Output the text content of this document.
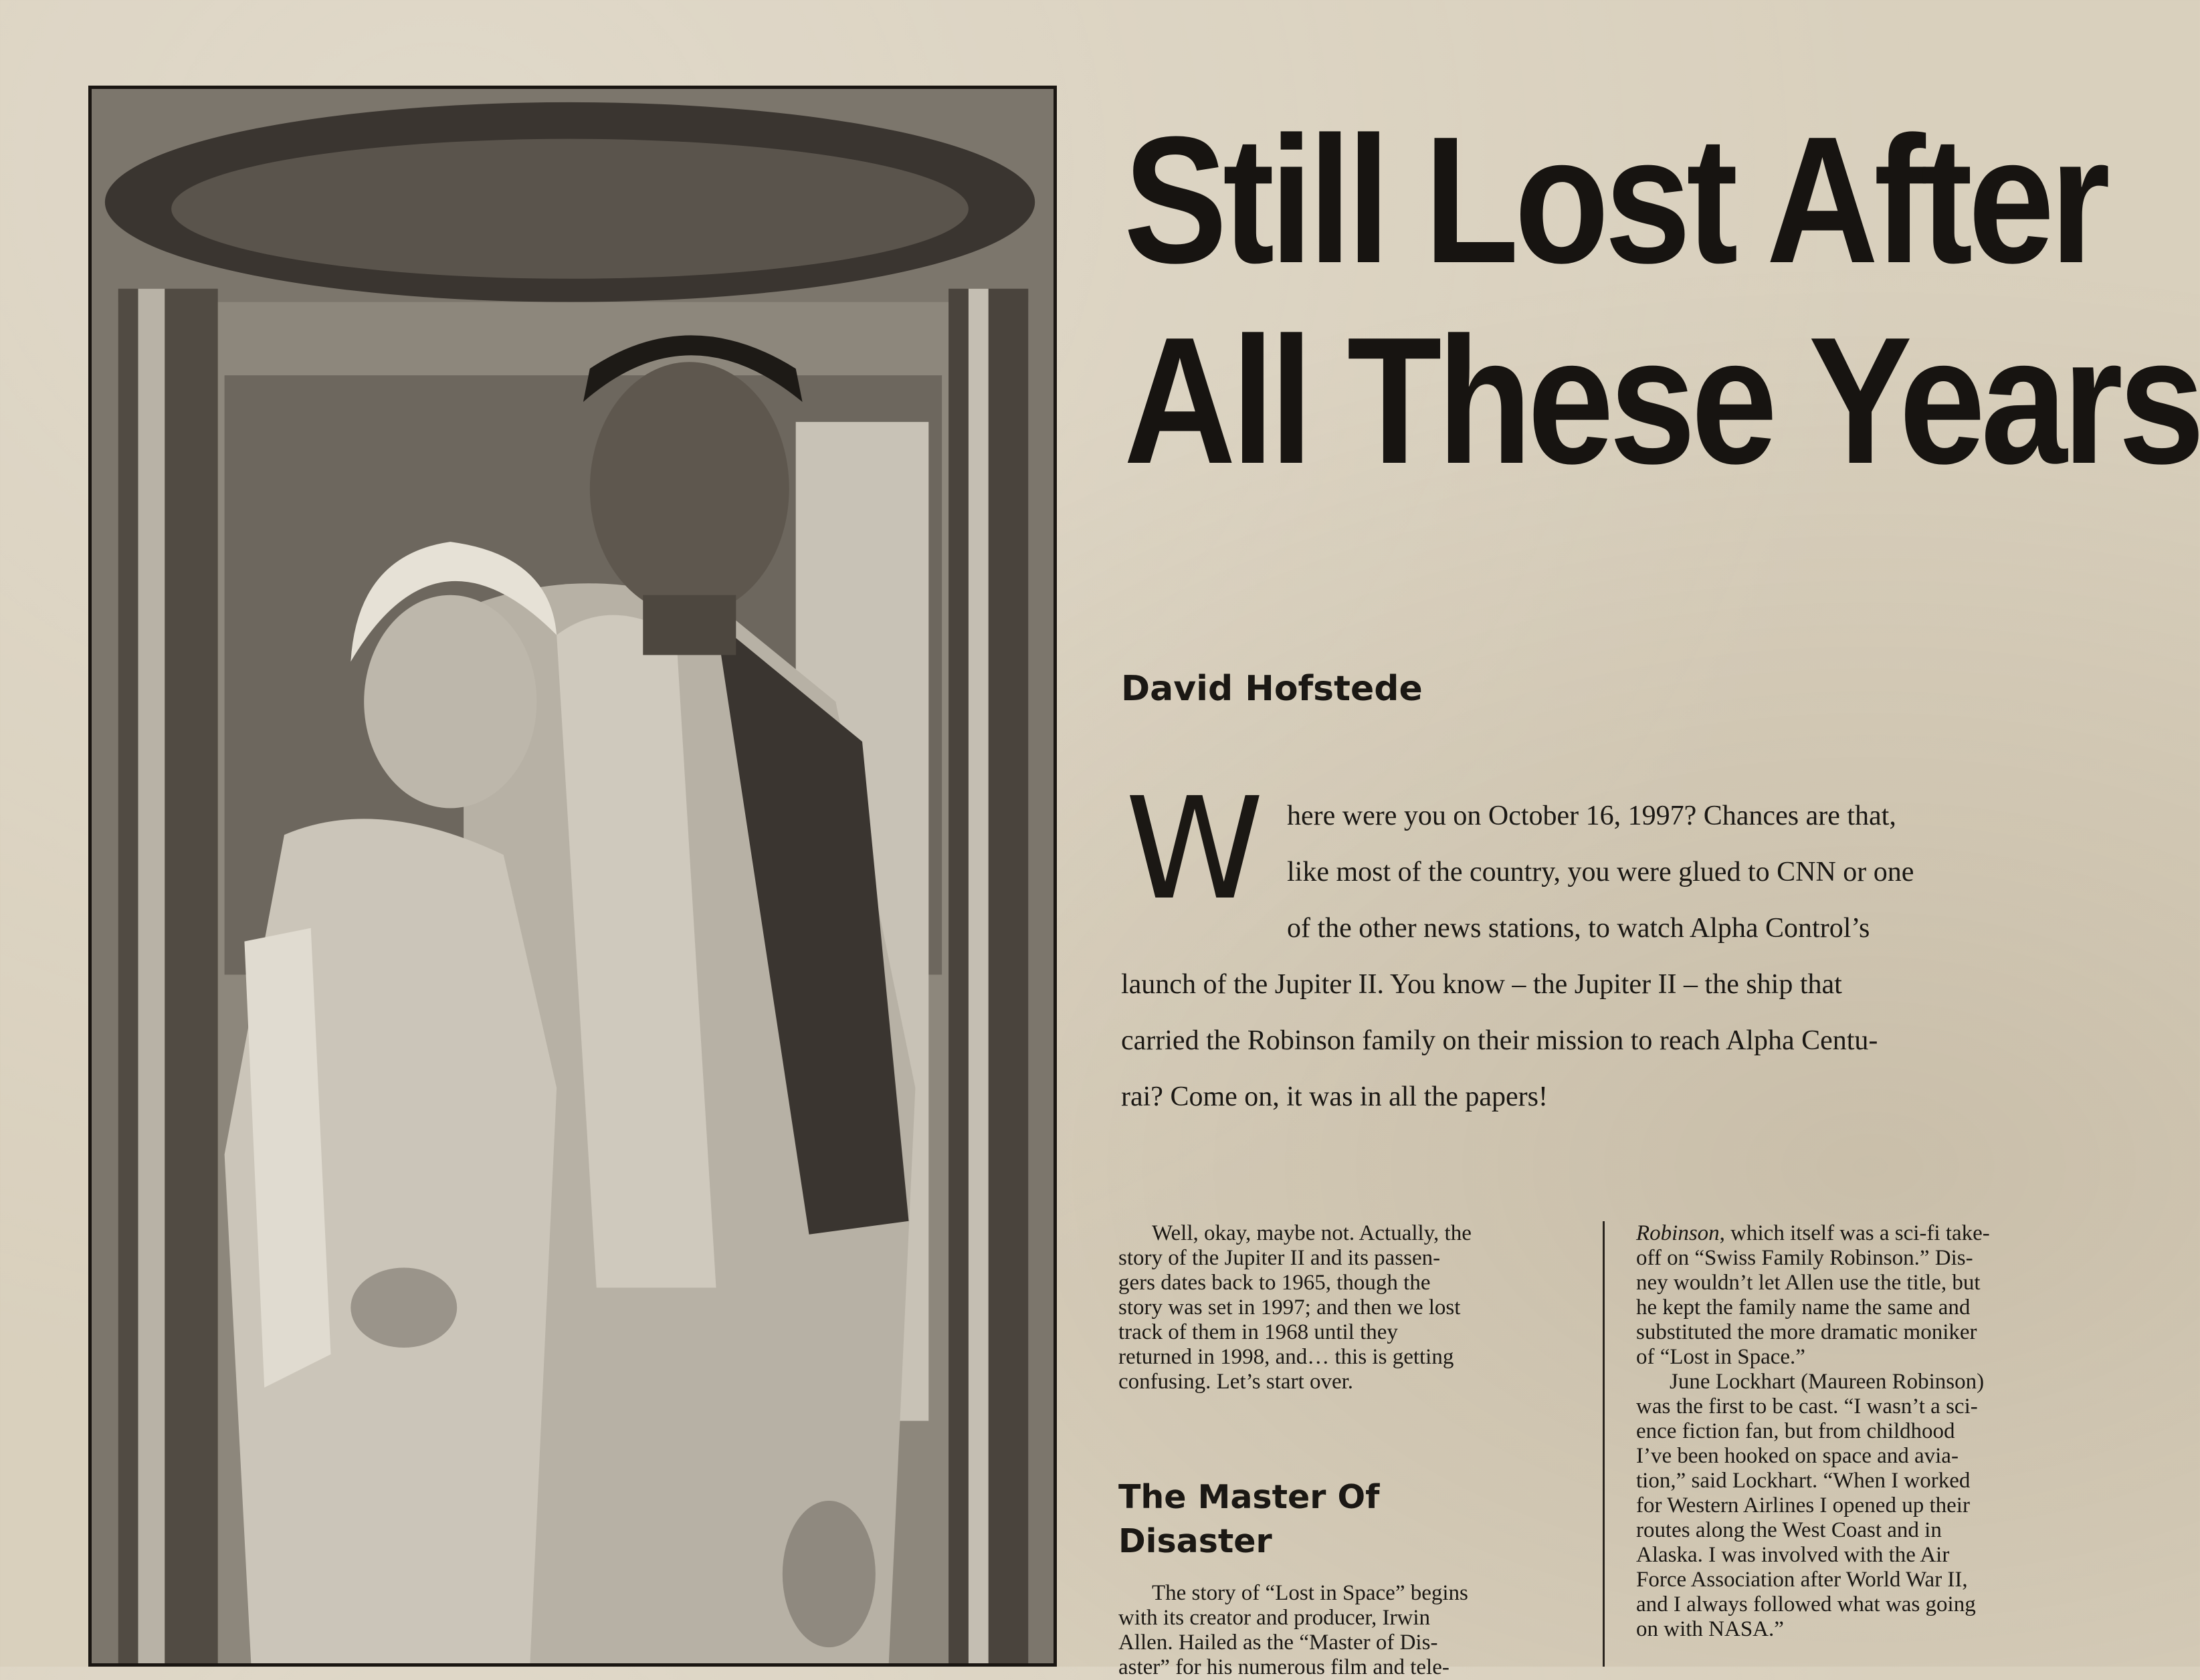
Still Lost After
All These Years

David Hofstede

W here were you on October 16, 1997? Chances are that,

like most of the country, you were glued to CNN or one

of the other news stations, to watch Alpha Control’s

launch of the Jupiter II. You know – the Jupiter II – the ship that

carried the Robinson family on their mission to reach Alpha Centu-

rai? Come on, it was in all the papers!

Well, okay, maybe not. Actually, the

story of the Jupiter II and its passen-

gers dates back to 1965, though the

story was set in 1997; and then we lost

track of them in 1968 until they

returned in 1998, and… this is getting

confusing. Let’s start over.

The Master Of
Disaster

The story of “Lost in Space” begins

with its creator and producer, Irwin

Allen. Hailed as the “Master of Dis-

aster” for his numerous film and tele-

Robinson, which itself was a sci-fi take-

off on “Swiss Family Robinson.” Dis-

ney wouldn’t let Allen use the title, but

he kept the family name the same and

substituted the more dramatic moniker

of “Lost in Space.”

June Lockhart (Maureen Robinson)

was the first to be cast. “I wasn’t a sci-

ence fiction fan, but from childhood

I’ve been hooked on space and avia-

tion,” said Lockhart. “When I worked

for Western Airlines I opened up their

routes along the West Coast and in

Alaska. I was involved with the Air

Force Association after World War II,

and I always followed what was going

on with NASA.”
